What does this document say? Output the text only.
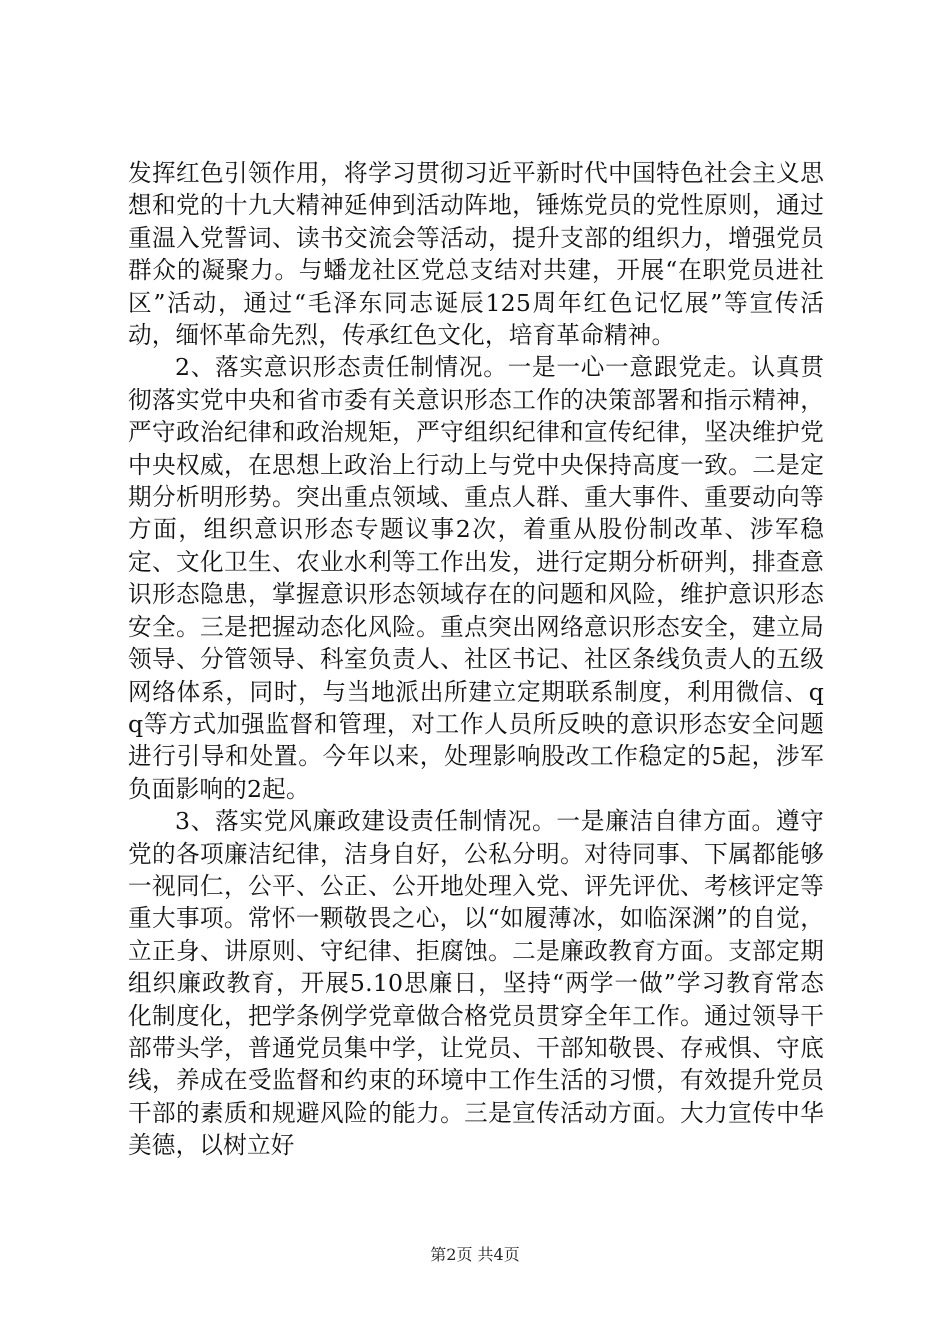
发挥红色引领作用，将学习贯彻习近平新时代中国特色社会主义思想和党的十九大精神延伸到活动阵地，锤炼党员的党性原则，通过重温入党誓词、读书交流会等活动，提升支部的组织力，增强党员群众的凝聚力。与蟠龙社区党总支结对共建，开展“在职党员进社区”活动，通过“毛泽东同志诞辰125周年红色记忆展”等宣传活动，缅怀革命先烈，传承红色文化，培育革命精神。

2、落实意识形态责任制情况。一是一心一意跟党走。认真贯彻落实党中央和省市委有关意识形态工作的决策部署和指示精神，严守政治纪律和政治规矩，严守组织纪律和宣传纪律，坚决维护党中央权威，在思想上政治上行动上与党中央保持高度一致。二是定期分析明形势。突出重点领域、重点人群、重大事件、重要动向等方面，组织意识形态专题议事2次，着重从股份制改革、涉军稳定、文化卫生、农业水利等工作出发，进行定期分析研判，排查意识形态隐患，掌握意识形态领域存在的问题和风险，维护意识形态安全。三是把握动态化风险。重点突出网络意识形态安全，建立局领导、分管领导、科室负责人、社区书记、社区条线负责人的五级网络体系，同时，与当地派出所建立定期联系制度，利用微信、qq等方式加强监督和管理，对工作人员所反映的意识形态安全问题进行引导和处置。今年以来，处理影响股改工作稳定的5起，涉军负面影响的2起。

3、落实党风廉政建设责任制情况。一是廉洁自律方面。遵守党的各项廉洁纪律，洁身自好，公私分明。对待同事、下属都能够一视同仁，公平、公正、公开地处理入党、评先评优、考核评定等重大事项。常怀一颗敬畏之心，以“如履薄冰，如临深渊”的自觉，立正身、讲原则、守纪律、拒腐蚀。二是廉政教育方面。支部定期组织廉政教育，开展5.10思廉日，坚持“两学一做”学习教育常态化制度化，把学条例学党章做合格党员贯穿全年工作。通过领导干部带头学，普通党员集中学，让党员、干部知敬畏、存戒惧、守底线，养成在受监督和约束的环境中工作生活的习惯，有效提升党员干部的素质和规避风险的能力。三是宣传活动方面。大力宣传中华美德，以树立好

第2页 共4页
